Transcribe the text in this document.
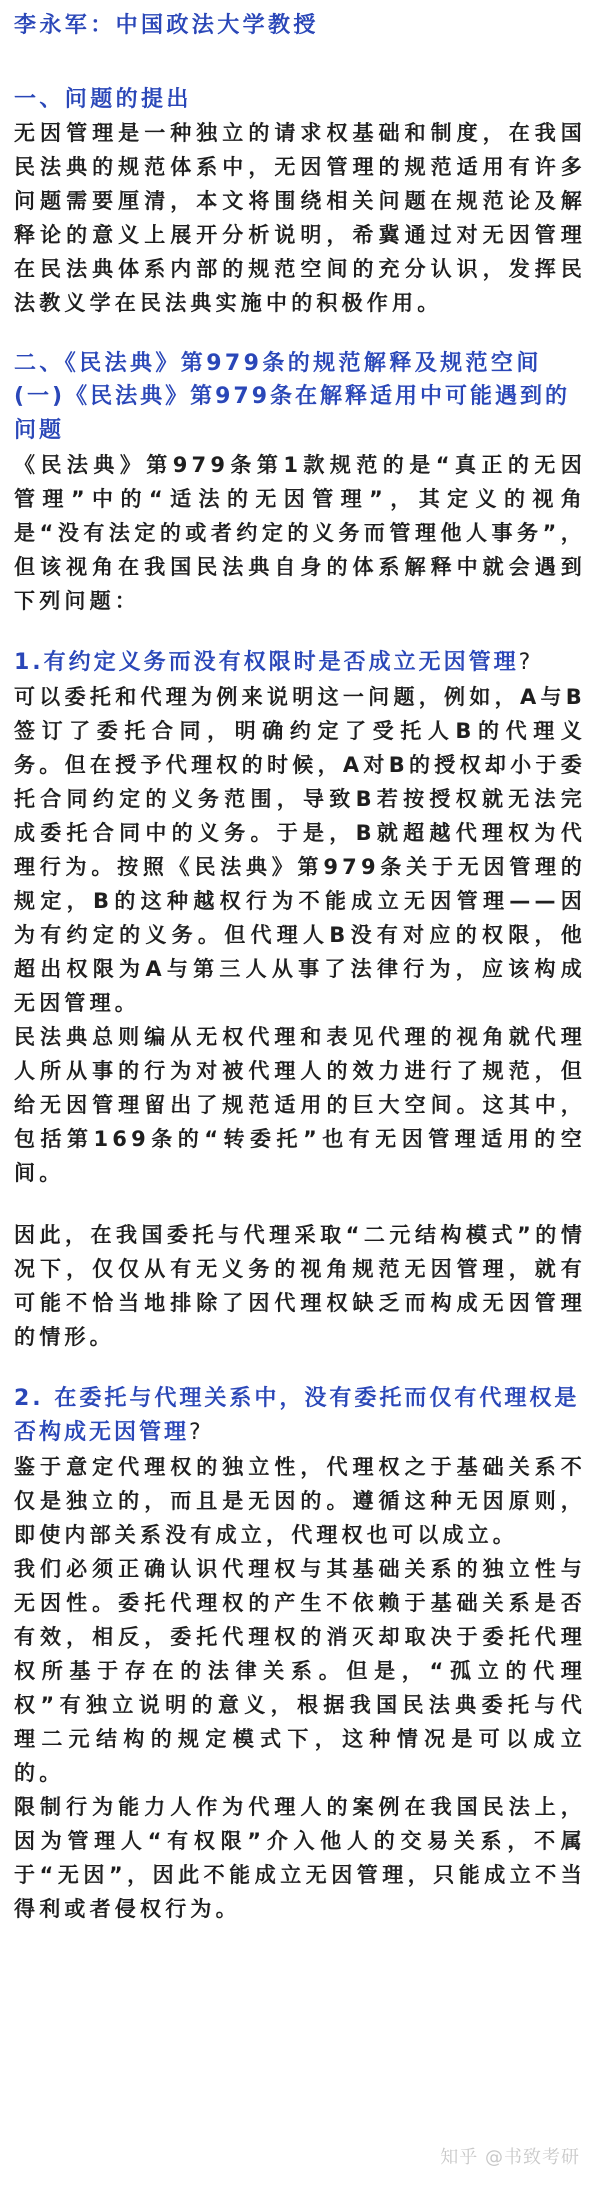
李永军：中国政法大学教授
一、问题的提出
无因管理是一种独立的请求权基础和制度，在我国民法典的规范体系中，无因管理的规范适用有许多问题需要厘清，本文将围绕相关问题在规范论及解释论的意义上展开分析说明，希冀通过对无因管理在民法典体系内部的规范空间的充分认识，发挥民法教义学在民法典实施中的积极作用。
二、《民法典》第979条的规范解释及规范空间
(一)《民法典》第979条在解释适用中可能遇到的问题
《民法典》第979条第1款规范的是“真正的无因管理”中的“适法的无因管理”，其定义的视角是“没有法定的或者约定的义务而管理他人事务”，但该视角在我国民法典自身的体系解释中就会遇到下列问题：
1.有约定义务而没有权限时是否成立无因管理?
可以委托和代理为例来说明这一问题，例如，A与B签订了委托合同，明确约定了受托人B的代理义务。但在授予代理权的时候，A对B的授权却小于委托合同约定的义务范围，导致B若按授权就无法完成委托合同中的义务。于是，B就超越代理权为代理行为。按照《民法典》第979条关于无因管理的规定，B的这种越权行为不能成立无因管理——因为有约定的义务。但代理人B没有对应的权限，他超出权限为A与第三人从事了法律行为，应该构成无因管理。
民法典总则编从无权代理和表见代理的视角就代理人所从事的行为对被代理人的效力进行了规范，但给无因管理留出了规范适用的巨大空间。这其中，包括第169条的“转委托”也有无因管理适用的空间。
因此，在我国委托与代理采取“二元结构模式”的情况下，仅仅从有无义务的视角规范无因管理，就有可能不恰当地排除了因代理权缺乏而构成无因管理的情形。
2. 在委托与代理关系中，没有委托而仅有代理权是否构成无因管理?
鉴于意定代理权的独立性，代理权之于基础关系不仅是独立的，而且是无因的。遵循这种无因原则，即使内部关系没有成立，代理权也可以成立。
我们必须正确认识代理权与其基础关系的独立性与无因性。委托代理权的产生不依赖于基础关系是否有效，相反，委托代理权的消灭却取决于委托代理权所基于存在的法律关系。但是，“孤立的代理权”有独立说明的意义，根据我国民法典委托与代理二元结构的规定模式下，这种情况是可以成立的。
限制行为能力人作为代理人的案例在我国民法上，因为管理人“有权限”介入他人的交易关系，不属于“无因”，因此不能成立无因管理，只能成立不当得利或者侵权行为。
知乎 @书致考研
